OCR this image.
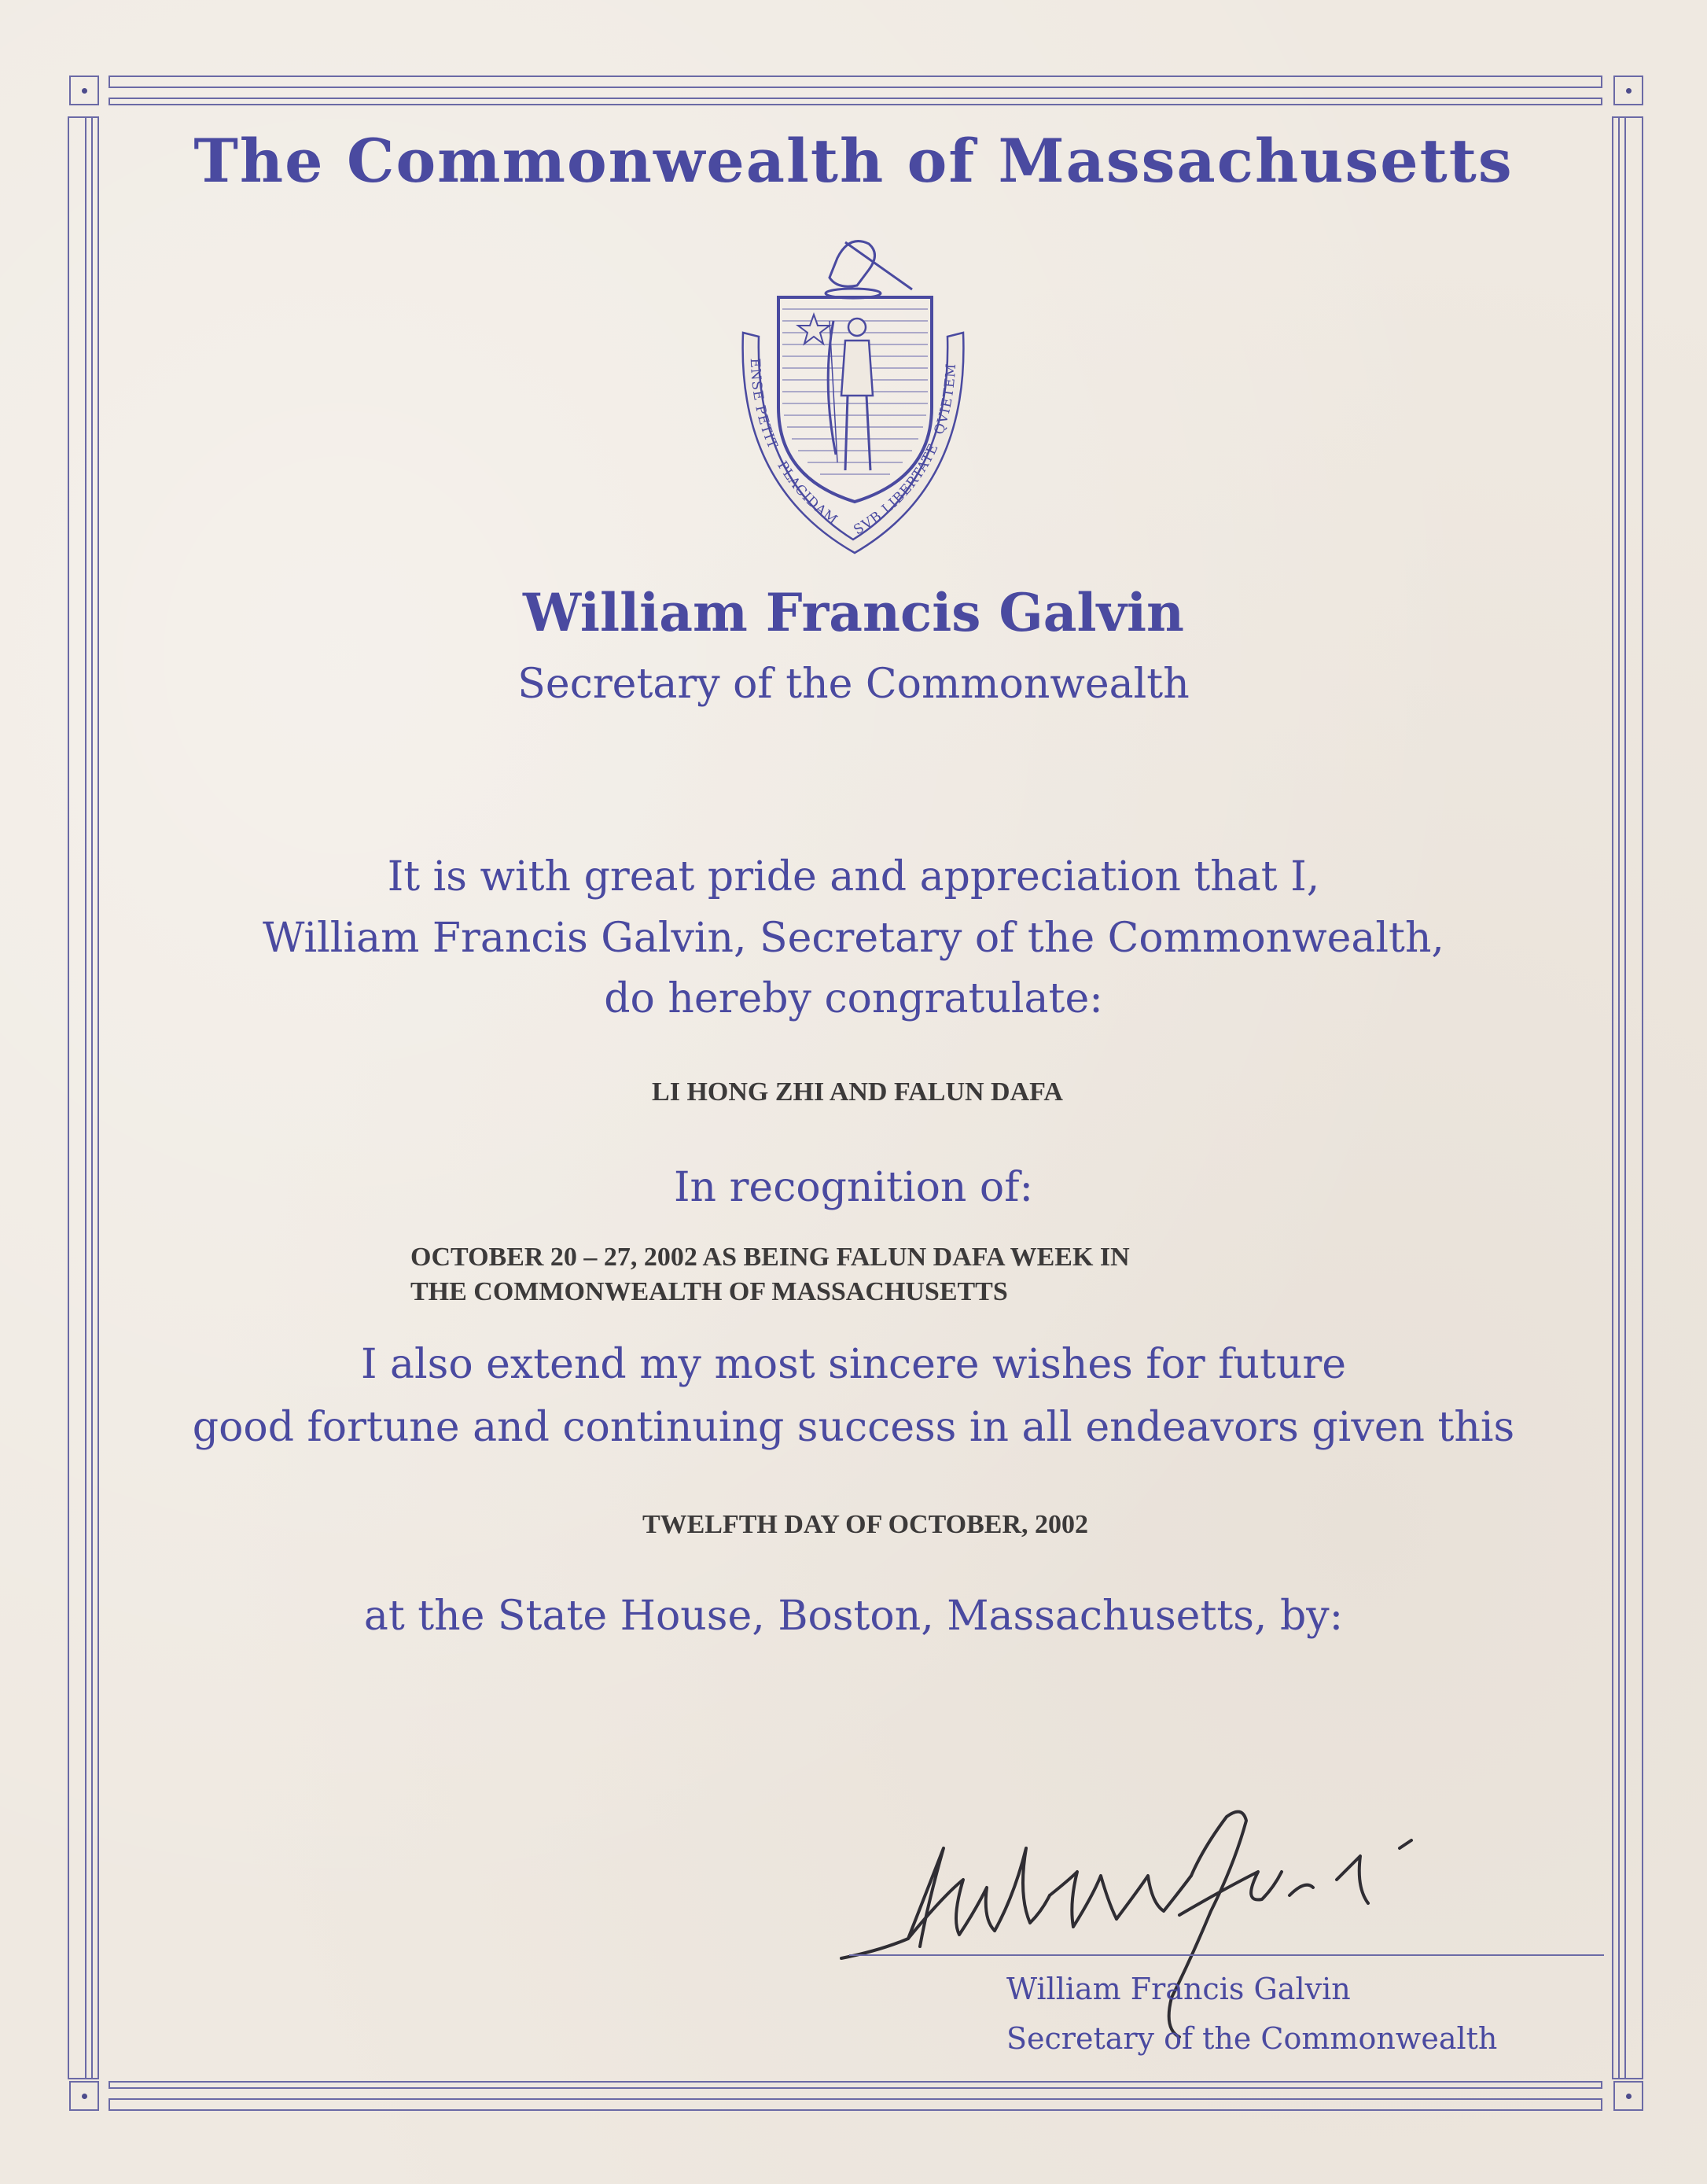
The Commonwealth of Massachusetts
ENSE PETIT
PLACIDAM
SVB LIBERTATE
QVIETEM
William Francis Galvin
Secretary of the Commonwealth
It is with great pride and appreciation that I,
William Francis Galvin, Secretary of the Commonwealth,
do hereby congratulate:
LI HONG ZHI AND FALUN DAFA
In recognition of:
OCTOBER 20 – 27, 2002 AS BEING FALUN DAFA WEEK IN
THE COMMONWEALTH OF MASSACHUSETTS
I also extend my most sincere wishes for future
good fortune and continuing success in all endeavors given this
TWELFTH DAY OF OCTOBER, 2002
at the State House, Boston, Massachusetts, by:
William Francis Galvin
Secretary of the Commonwealth
